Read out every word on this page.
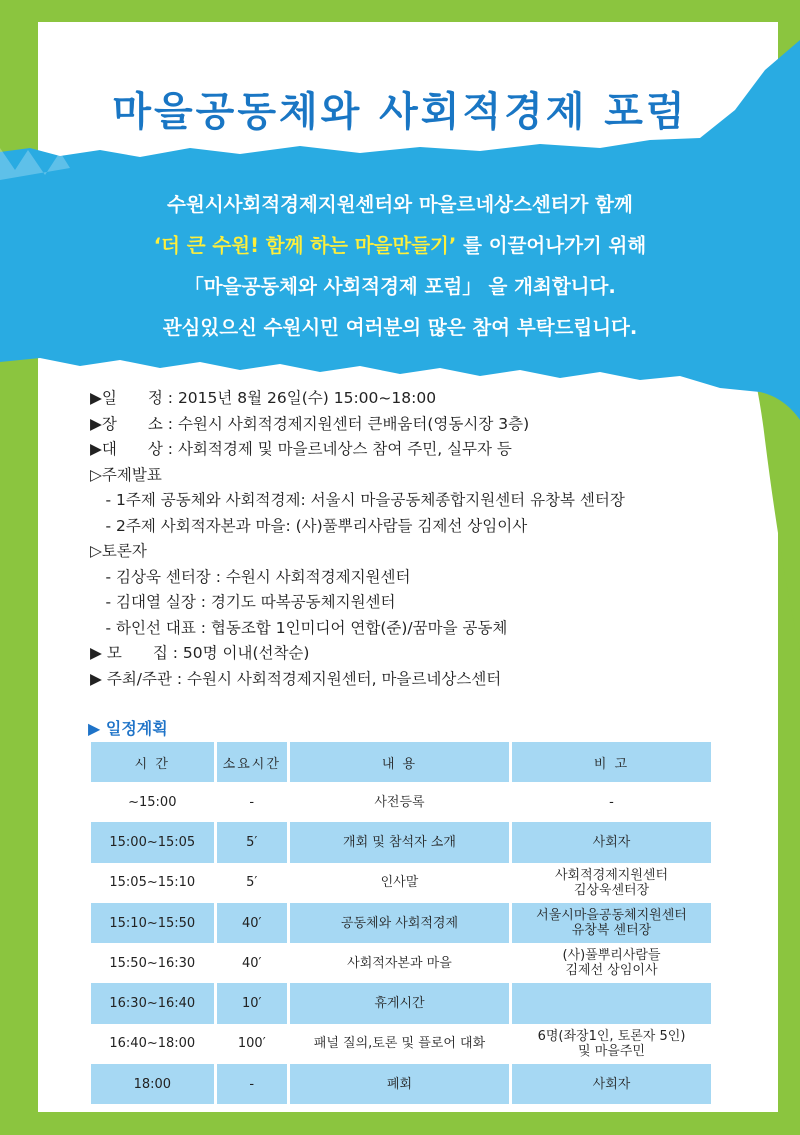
마을공동체와 사회적경제 포럼
수원시사회적경제지원센터와 마을르네상스센터가 함께
‘더 큰 수원! 함께 하는 마을만들기’ 를 이끌어나가기 위해
「마을공동체와 사회적경제 포럼」 을 개최합니다.
관심있으신 수원시민 여러분의 많은 참여 부탁드립니다.
▶일　　정 : 2015년 8월 26일(수) 15:00~18:00
▶장　　소 : 수원시 사회적경제지원센터 큰배움터(영동시장 3층)
▶대　　상 : 사회적경제 및 마을르네상스 참여 주민, 실무자 등
▷주제발표
　- 1주제 공동체와 사회적경제: 서울시 마을공동체종합지원센터 유창복 센터장
　- 2주제 사회적자본과 마을: (사)풀뿌리사람들 김제선 상임이사
▷토론자
　- 김상욱 센터장 : 수원시 사회적경제지원센터
　- 김대열 실장 : 경기도 따복공동체지원센터
　- 하인선 대표 : 협동조합 1인미디어 연합(준)/꿈마을 공동체
▶ 모　　집 : 50명 이내(선착순)
▶ 주최/주관 : 수원시 사회적경제지원센터, 마을르네상스센터
▶ 일정계획
시 간	소요시간	내 용	비 고
~15:00	-	사전등록	-

15:00~15:05	5′	개회 및 참석자 소개	사회자

15:05~15:10	5′	인사말	사회적경제지원센터
김상욱센터장

15:10~15:50	40′	공동체와 사회적경제	서울시마을공동체지원센터
유창복 센터장

15:50~16:30	40′	사회적자본과 마을	(사)풀뿌리사람들
김제선 상임이사

16:30~16:40	10′	휴게시간	

16:40~18:00	100′	패널 질의,토론 및 플로어 대화	6명(좌장1인, 토론자 5인)
및 마을주민

18:00	-	폐회	사회자
